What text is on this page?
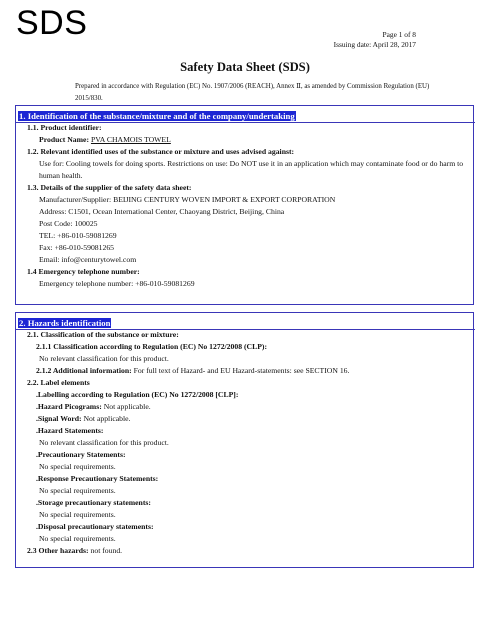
SDS	Page 1 of 8
Issuing date: April 28, 2017
Safety Data Sheet (SDS)
Prepared in accordance with Regulation (EC) No. 1907/2006 (REACH), Annex Ⅱ, as amended by Commission Regulation (EU) 2015/830.
1. Identification of the substance/mixture and of the company/undertaking
1.1. Product identifier:
Product Name: PVA CHAMOIS TOWEL
1.2. Relevant identified uses of the substance or mixture and uses advised against:
Use for: Cooling towels for doing sports. Restrictions on use: Do NOT use it in an application which may contaminate food or do harm to human health.
1.3. Details of the supplier of the safety data sheet:
Manufacturer/Supplier: BEIJING CENTURY WOVEN IMPORT & EXPORT CORPORATION
Address: C1501, Ocean International Center, Chaoyang District, Beijing, China
Post Code: 100025
TEL: +86-010-59081269
Fax: +86-010-59081265
Email: info@centurytowel.com
1.4 Emergency telephone number:
Emergency telephone number: +86-010-59081269
2. Hazards identification
2.1. Classification of the substance or mixture:
2.1.1 Classification according to Regulation (EC) No 1272/2008 (CLP):
No relevant classification for this product.
2.1.2 Additional information: For full text of Hazard- and EU Hazard-statements: see SECTION 16.
2.2. Label elements
.Labelling according to Regulation (EC) No 1272/2008 [CLP]:
.Hazard Picograms: Not applicable.
.Signal Word: Not applicable.
.Hazard Statements:
No relevant classification for this product.
.Precautionary Statements:
No special requirements.
.Response Precautionary Statements:
No special requirements.
.Storage precautionary statements:
No special requirements.
.Disposal precautionary statements:
No special requirements.
2.3 Other hazards: not found.
